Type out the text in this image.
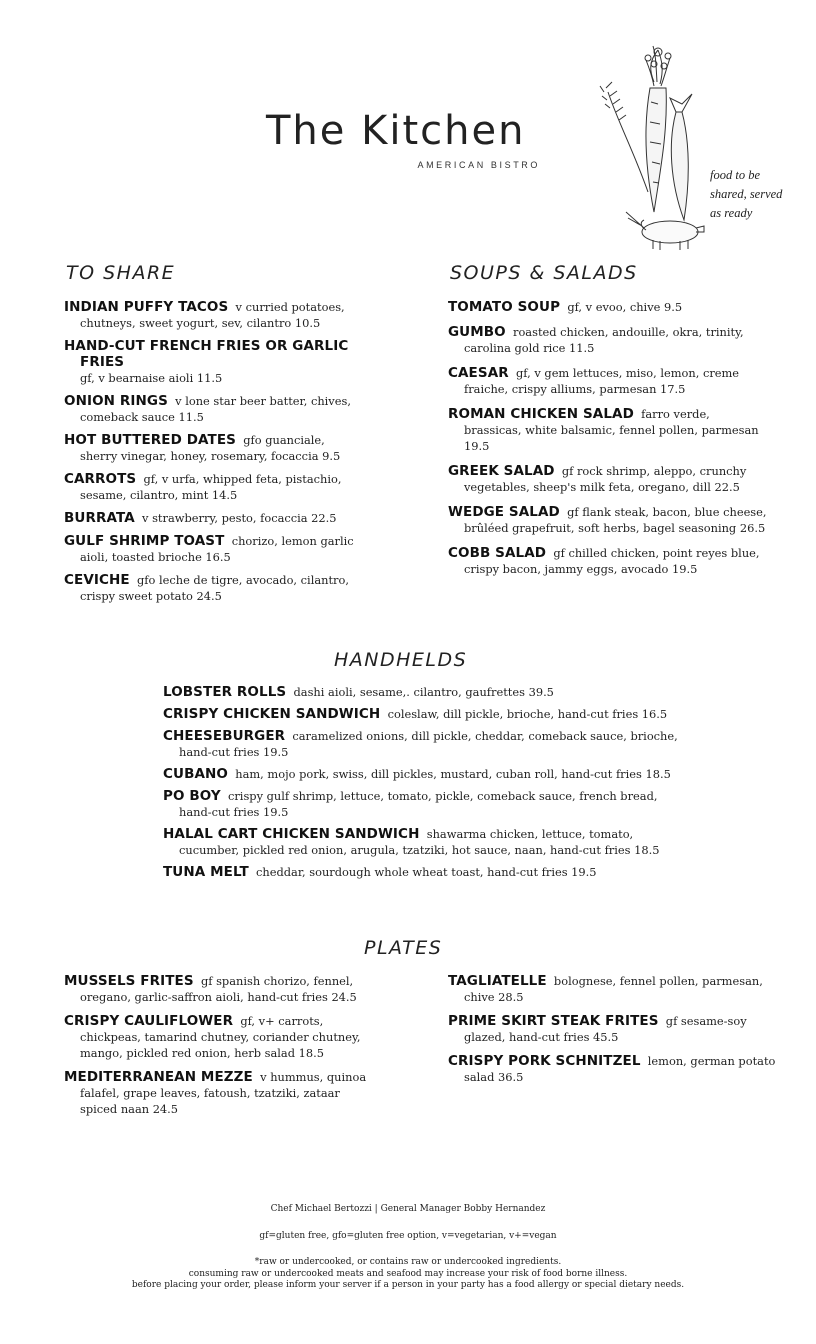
The Kitchen
AMERICAN BISTRO
food to be
shared, served
as ready
TO SHARE

INDIAN PUFFY TACOS v curried potatoes, chutneys, sweet yogurt, sev, cilantro 10.5

HAND-CUT FRENCH FRIES OR GARLIC FRIES
gf, v bearnaise aioli 11.5

ONION RINGS v lone star beer batter, chives, comeback sauce 11.5

HOT BUTTERED DATES gfo guanciale, sherry vinegar, honey, rosemary, focaccia 9.5

CARROTS gf, v urfa, whipped feta, pistachio, sesame, cilantro, mint 14.5

BURRATA v strawberry, pesto, focaccia 22.5

GULF SHRIMP TOAST chorizo, lemon garlic aioli, toasted brioche 16.5

CEVICHE gfo leche de tigre, avocado, cilantro, crispy sweet potato 24.5

SOUPS & SALADS

TOMATO SOUP gf, v evoo, chive 9.5

GUMBO roasted chicken, andouille, okra, trinity, carolina gold rice 11.5

CAESAR gf, v gem lettuces, miso, lemon, creme fraiche, crispy alliums, parmesan 17.5

ROMAN CHICKEN SALAD farro verde, brassicas, white balsamic, fennel pollen, parmesan 19.5

GREEK SALAD gf rock shrimp, aleppo, crunchy vegetables, sheep's milk feta, oregano, dill 22.5

WEDGE SALAD gf flank steak, bacon, blue cheese, brûléed grapefruit, soft herbs, bagel seasoning 26.5

COBB SALAD gf chilled chicken, point reyes blue, crispy bacon, jammy eggs, avocado 19.5

HANDHELDS

LOBSTER ROLLS dashi aioli, sesame,. cilantro, gaufrettes 39.5

CRISPY CHICKEN SANDWICH coleslaw, dill pickle, brioche, hand-cut fries 16.5

CHEESEBURGER caramelized onions, dill pickle, cheddar, comeback sauce, brioche, hand-cut fries 19.5

CUBANO ham, mojo pork, swiss, dill pickles, mustard, cuban roll, hand-cut fries 18.5

PO BOY crispy gulf shrimp, lettuce, tomato, pickle, comeback sauce, french bread, hand-cut fries 19.5

HALAL CART CHICKEN SANDWICH shawarma chicken, lettuce, tomato, cucumber, pickled red onion, arugula, tzatziki, hot sauce, naan, hand-cut fries 18.5

TUNA MELT cheddar, sourdough whole wheat toast, hand-cut fries 19.5

PLATES

MUSSELS FRITES gf spanish chorizo, fennel, oregano, garlic-saffron aioli, hand-cut fries 24.5

CRISPY CAULIFLOWER gf, v+ carrots, chickpeas, tamarind chutney, coriander chutney, mango, pickled red onion, herb salad 18.5

MEDITERRANEAN MEZZE v hummus, quinoa falafel, grape leaves, fatoush, tzatziki, zataar spiced naan 24.5

TAGLIATELLE bolognese, fennel pollen, parmesan, chive 28.5

PRIME SKIRT STEAK FRITES gf sesame-soy glazed, hand-cut fries 45.5

CRISPY PORK SCHNITZEL lemon, german potato salad 36.5

Chef Michael Bertozzi | General Manager Bobby Hernandez

gf=gluten free, gfo=gluten free option, v=vegetarian, v+=vegan

*raw or undercooked, or contains raw or undercooked ingredients.

consuming raw or undercooked meats and seafood may increase your risk of food borne illness.

before placing your order, please inform your server if a person in your party has a food allergy or special dietary needs.
